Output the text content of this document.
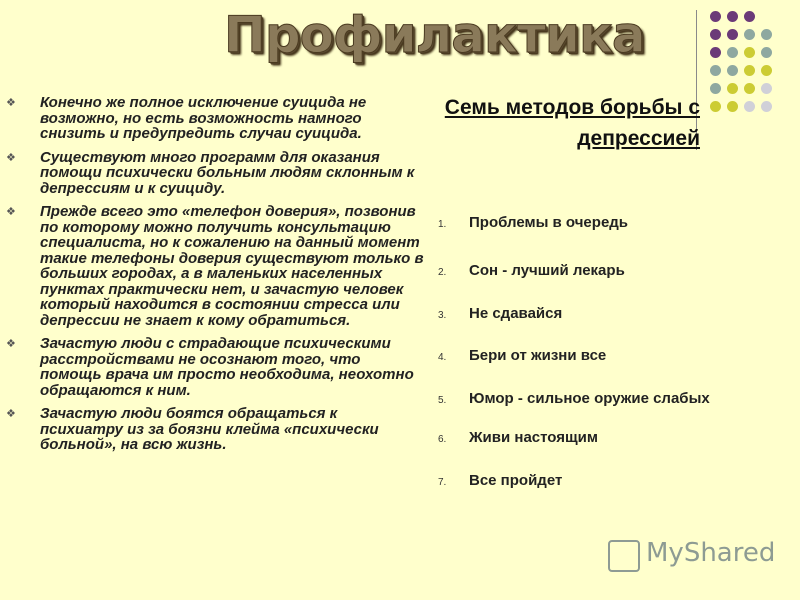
Профилактика
❖ Конечно же полное исключение суицида не возможно, но есть возможность намного снизить и предупредить случаи суицида.
❖ Существуют много программ для оказания помощи психически больным людям склонным к депрессиям и к суициду.
❖ Прежде всего это «телефон доверия», позвонив по которому можно получить консультацию специалиста, но к сожалению на данный момент такие телефоны доверия существуют только в больших городах, а в маленьких населенных пунктах практически нет, и зачастую человек который находится в состоянии стресса или депрессии не знает к кому обратиться.
❖ Зачастую люди с страдающие психическими расстройствами не осознают того, что помощь врача им просто необходима, неохотно обращаются к ним.
❖ Зачастую люди боятся обращаться к психиатру из за боязни клейма «психически больной», на всю жизнь.
Семь методов борьбы с депрессией
1. Проблемы в очередь
2. Сон - лучший лекарь
3. Не сдавайся
4. Бери от жизни все
5. Юмор - сильное оружие слабых
6. Живи настоящим
7. Все пройдет
MyShared
